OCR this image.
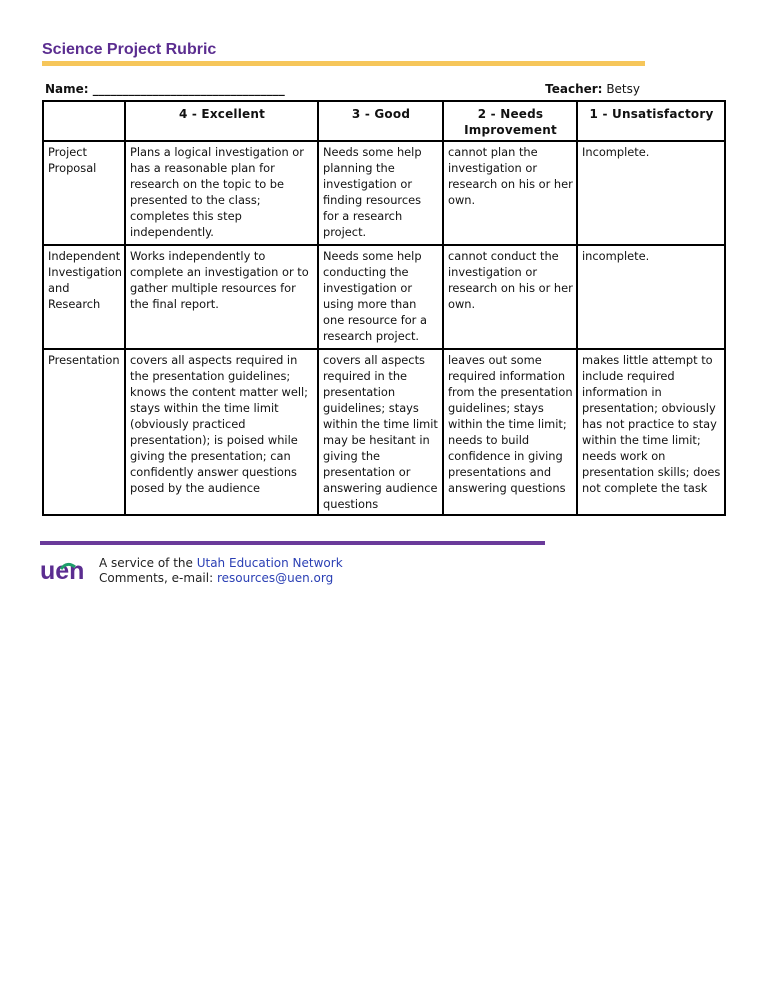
Science Project Rubric
Name: ________________________________	Teacher: Betsy
	4 - Excellent	3 - Good	2 - Needs Improvement	1 - Unsatisfactory
Project Proposal	Plans a logical investigation or has a reasonable plan for research on the topic to be presented to the class; completes this step independently.	Needs some help planning the investigation or finding resources for a research project.	cannot plan the investigation or research on his or her own.	Incomplete.
Independent Investigation and Research	Works independently to complete an investigation or to gather multiple resources for the final report.	Needs some help conducting the investigation or using more than one resource for a research project.	cannot conduct the investigation or research on his or her own.	incomplete.
Presentation	covers all aspects required in the presentation guidelines; knows the content matter well; stays within the time limit (obviously practiced presentation); is poised while giving the presentation; can confidently answer questions posed by the audience	covers all aspects required in the presentation guidelines; stays within the time limit may be hesitant in giving the presentation or answering audience questions	leaves out some required information from the presentation guidelines; stays within the time limit; needs to build confidence in giving presentations and answering questions	makes little attempt to include required information in presentation; obviously has not practice to stay within the time limit; needs work on presentation skills; does not complete the task
uen A service of the Utah Education Network
Comments, e-mail: resources@uen.org
